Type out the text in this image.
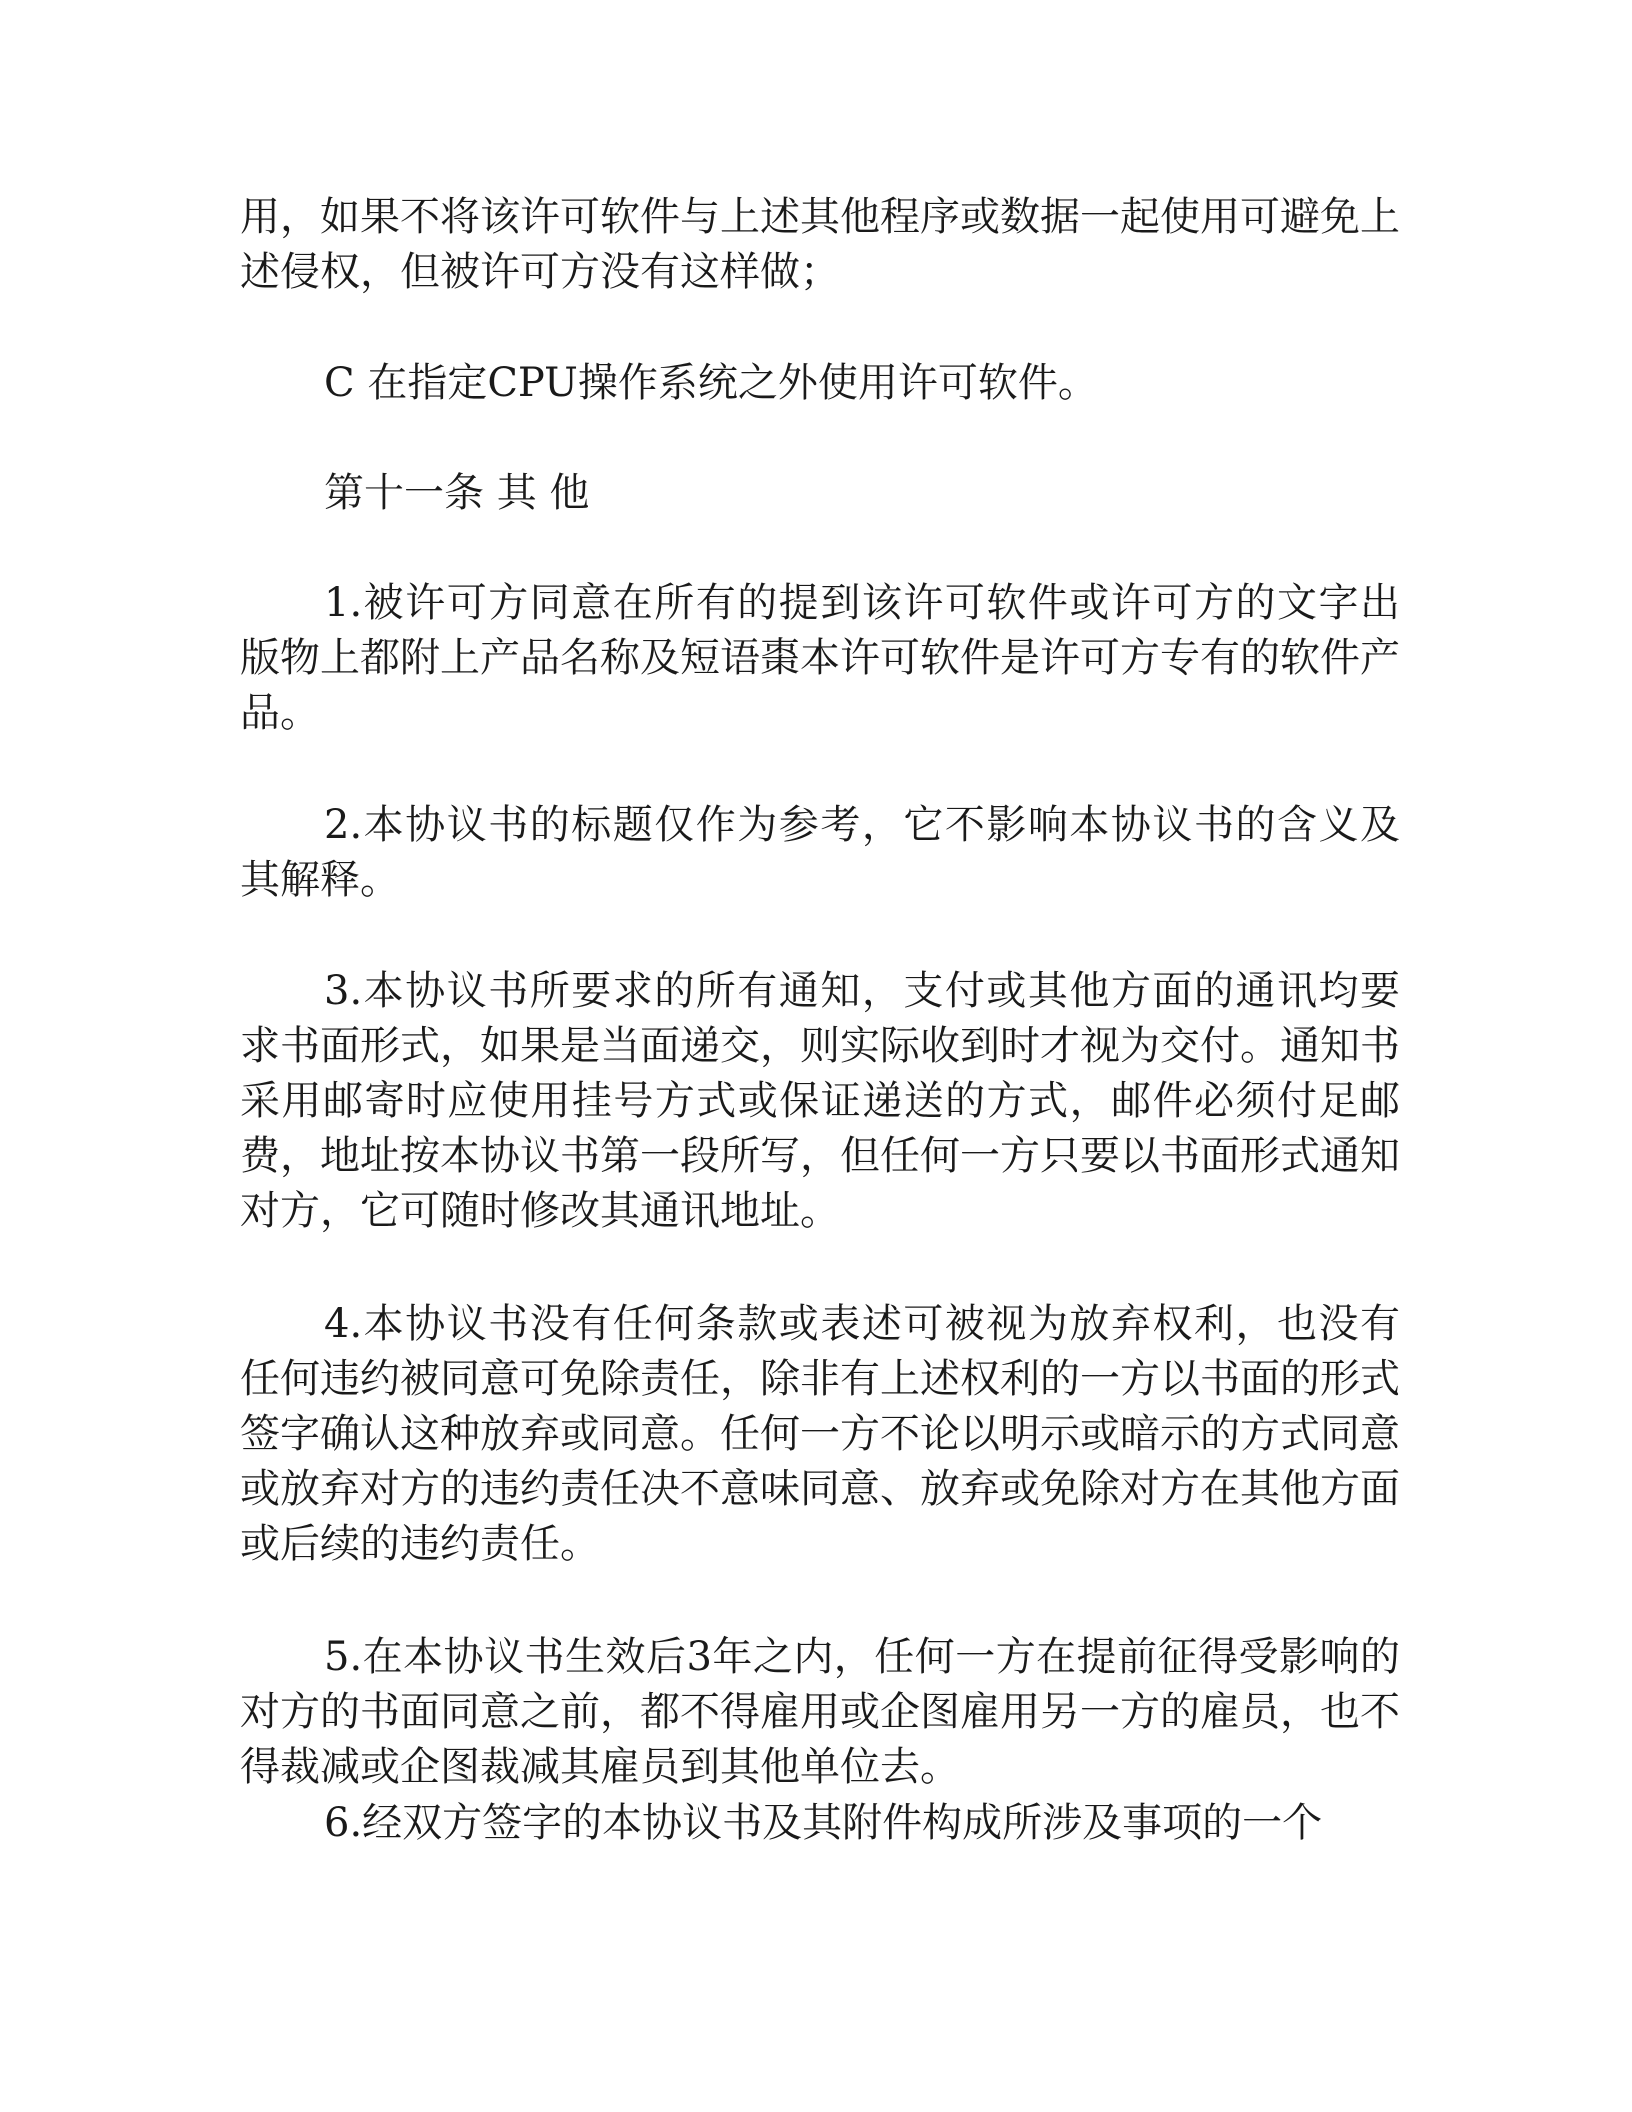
用，如果不将该许可软件与上述其他程序或数据一起使用可避免上述侵权，但被许可方没有这样做；

C 在指定CPU操作系统之外使用许可软件。

第十一条 其 他

1.被许可方同意在所有的提到该许可软件或许可方的文字出版物上都附上产品名称及短语棗本许可软件是许可方专有的软件产品。

2.本协议书的标题仅作为参考，它不影响本协议书的含义及其解释。

3.本协议书所要求的所有通知，支付或其他方面的通讯均要求书面形式，如果是当面递交，则实际收到时才视为交付。通知书采用邮寄时应使用挂号方式或保证递送的方式，邮件必须付足邮费，地址按本协议书第一段所写，但任何一方只要以书面形式通知对方，它可随时修改其通讯地址。

4.本协议书没有任何条款或表述可被视为放弃权利，也没有任何违约被同意可免除责任，除非有上述权利的一方以书面的形式签字确认这种放弃或同意。任何一方不论以明示或暗示的方式同意或放弃对方的违约责任决不意味同意、放弃或免除对方在其他方面或后续的违约责任。

5.在本协议书生效后3年之内，任何一方在提前征得受影响的对方的书面同意之前，都不得雇用或企图雇用另一方的雇员，也不得裁减或企图裁减其雇员到其他单位去。

6.经双方签字的本协议书及其附件构成所涉及事项的一个
